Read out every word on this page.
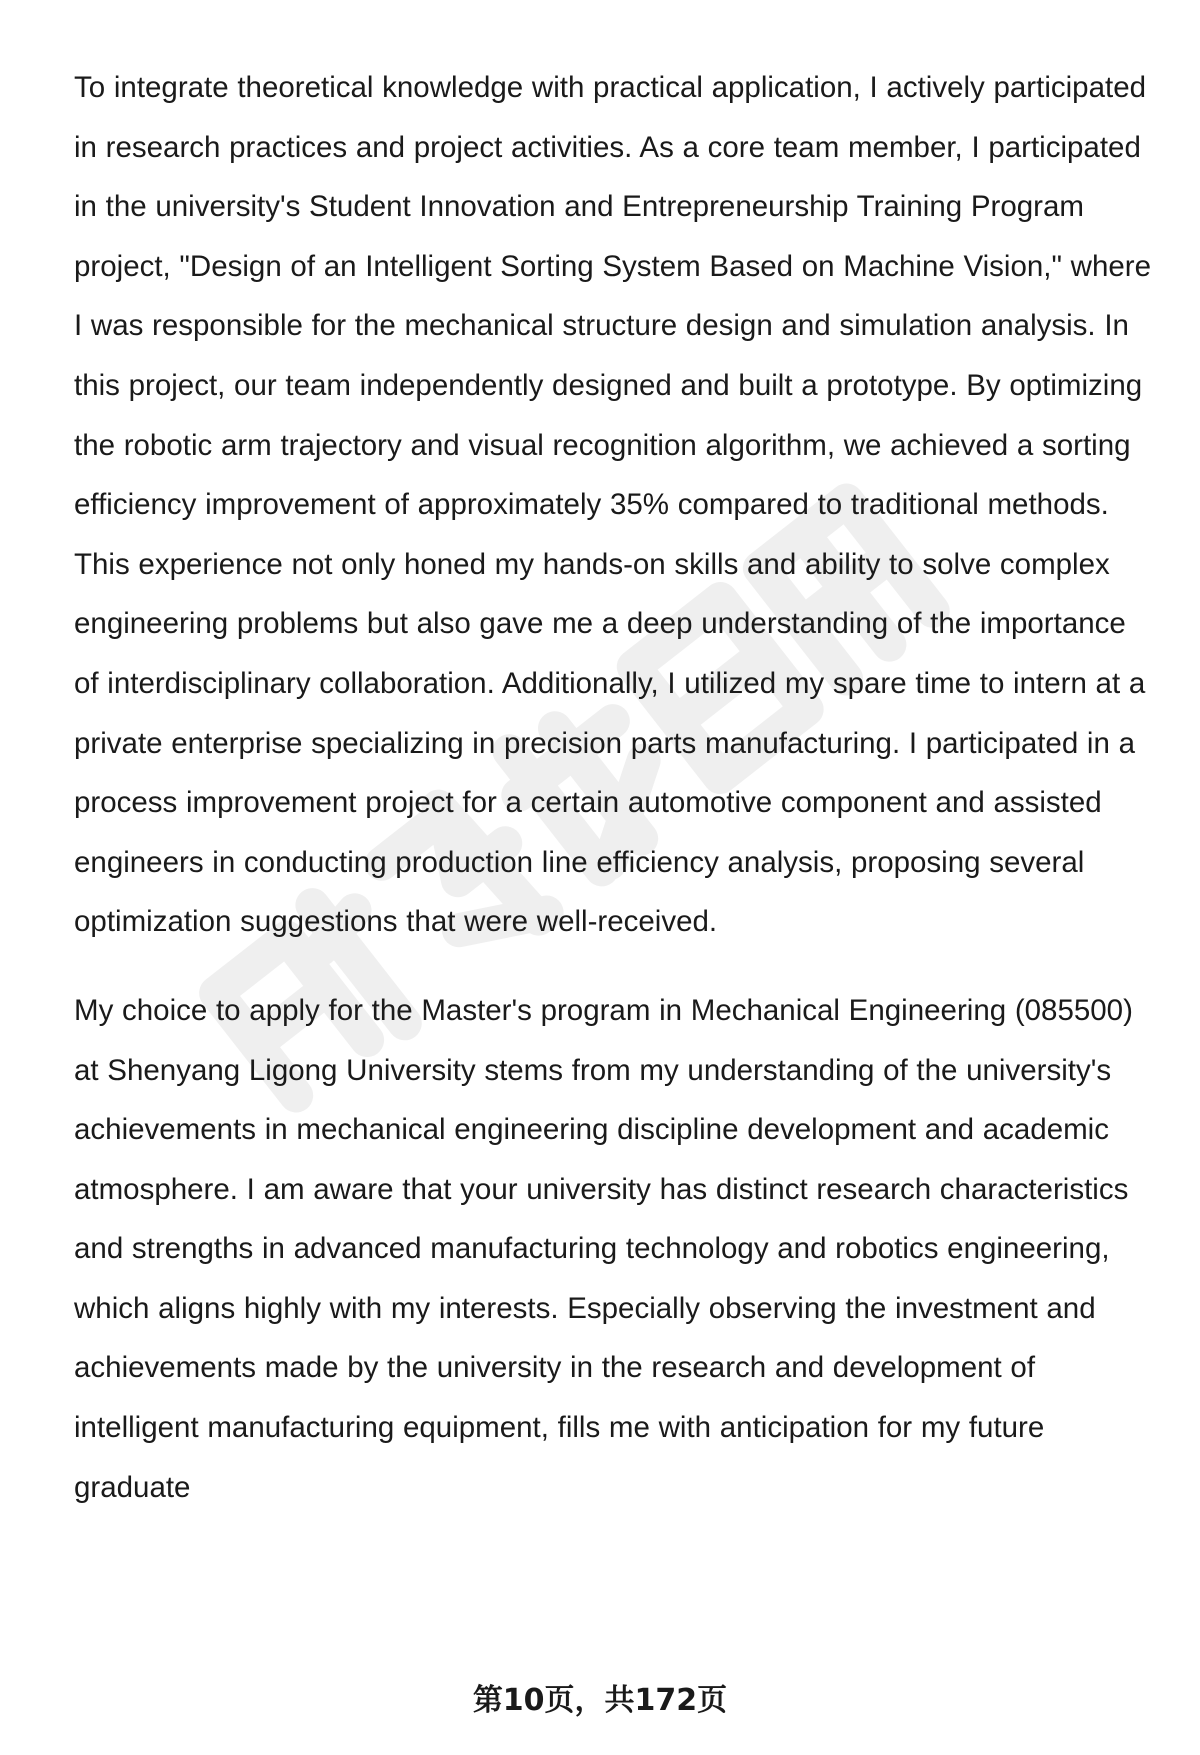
To integrate theoretical knowledge with practical application, I actively participated in research practices and project activities. As a core team member, I participated in the university's Student Innovation and Entrepreneurship Training Program project, "Design of an Intelligent Sorting System Based on Machine Vision," where I was responsible for the mechanical structure design and simulation analysis. In this project, our team independently designed and built a prototype. By optimizing the robotic arm trajectory and visual recognition algorithm, we achieved a sorting efficiency improvement of approximately 35% compared to traditional methods. This experience not only honed my hands-on skills and ability to solve complex engineering problems but also gave me a deep understanding of the importance of interdisciplinary collaboration. Additionally, I utilized my spare time to intern at a private enterprise specializing in precision parts manufacturing. I participated in a process improvement project for a certain automotive component and assisted engineers in conducting production line efficiency analysis, proposing several optimization suggestions that were well-received.

My choice to apply for the Master's program in Mechanical Engineering (085500) at Shenyang Ligong University stems from my understanding of the university's achievements in mechanical engineering discipline development and academic atmosphere. I am aware that your university has distinct research characteristics and strengths in advanced manufacturing technology and robotics engineering, which aligns highly with my interests. Especially observing the investment and achievements made by the university in the research and development of intelligent manufacturing equipment, fills me with anticipation for my future graduate

第10页，共172页
